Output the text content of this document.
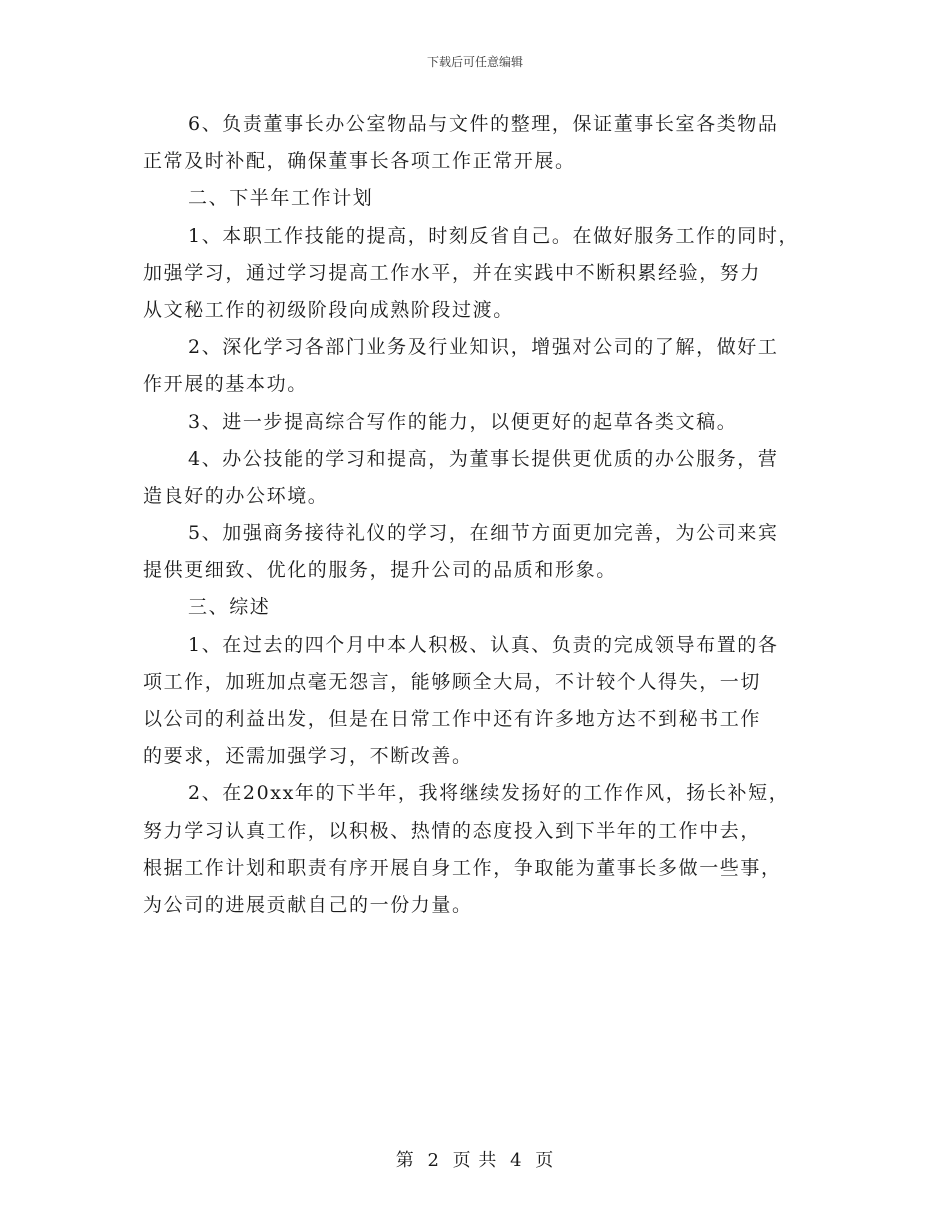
下载后可任意编辑
6、负责董事长办公室物品与文件的整理，保证董事长室各类物品
正常及时补配，确保董事长各项工作正常开展。
二、下半年工作计划
1、本职工作技能的提高，时刻反省自己。在做好服务工作的同时，
加强学习，通过学习提高工作水平，并在实践中不断积累经验，努力
从文秘工作的初级阶段向成熟阶段过渡。
2、深化学习各部门业务及行业知识，增强对公司的了解，做好工
作开展的基本功。
3、进一步提高综合写作的能力，以便更好的起草各类文稿。
4、办公技能的学习和提高，为董事长提供更优质的办公服务，营
造良好的办公环境。
5、加强商务接待礼仪的学习，在细节方面更加完善，为公司来宾
提供更细致、优化的服务，提升公司的品质和形象。
三、综述
1、在过去的四个月中本人积极、认真、负责的完成领导布置的各
项工作，加班加点毫无怨言，能够顾全大局，不计较个人得失，一切
以公司的利益出发，但是在日常工作中还有许多地方达不到秘书工作
的要求，还需加强学习，不断改善。
2、在20xx年的下半年，我将继续发扬好的工作作风，扬长补短，
努力学习认真工作，以积极、热情的态度投入到下半年的工作中去，
根据工作计划和职责有序开展自身工作，争取能为董事长多做一些事，
为公司的进展贡献自己的一份力量。
第 2 页 共 4 页
